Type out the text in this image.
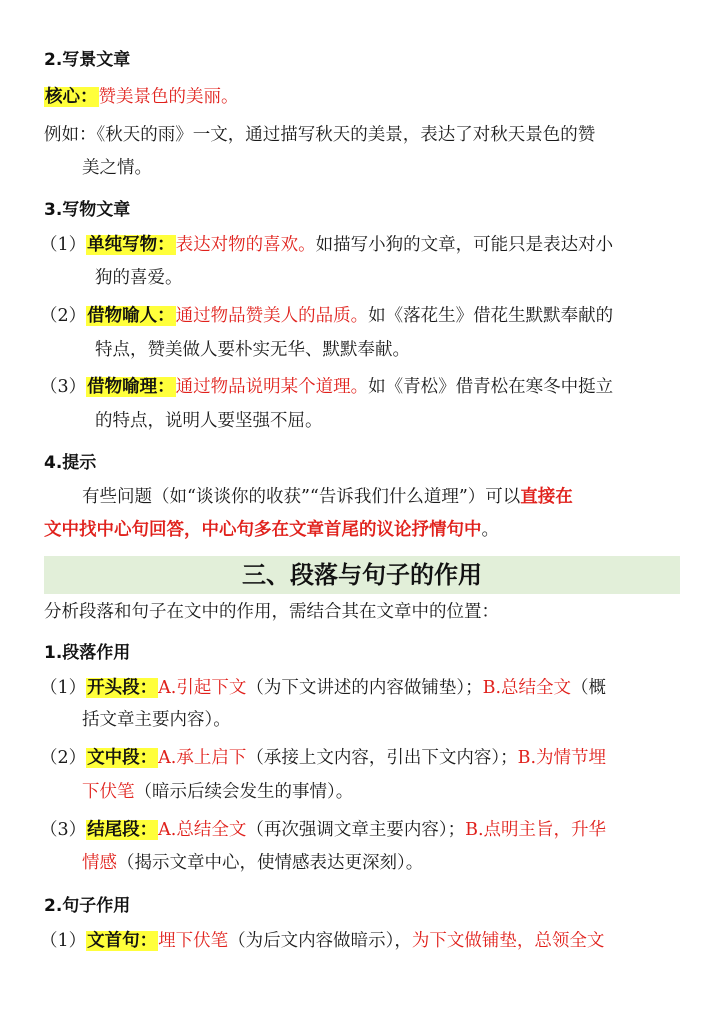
2.写景文章
核心：赞美景色的美丽。
例如：《秋天的雨》一文，通过描写秋天的美景，表达了对秋天景色的赞
美之情。
3.写物文章
（1）单纯写物：表达对物的喜欢。如描写小狗的文章，可能只是表达对小
狗的喜爱。
（2）借物喻人：通过物品赞美人的品质。如《落花生》借花生默默奉献的
特点，赞美做人要朴实无华、默默奉献。
（3）借物喻理：通过物品说明某个道理。如《青松》借青松在寒冬中挺立
的特点，说明人要坚强不屈。
4.提示
有些问题（如“谈谈你的收获”“告诉我们什么道理”）可以直接在
文中找中心句回答，中心句多在文章首尾的议论抒情句中。
三、段落与句子的作用
分析段落和句子在文中的作用，需结合其在文章中的位置：
1.段落作用
（1）开头段：A.引起下文（为下文讲述的内容做铺垫）；B.总结全文（概
括文章主要内容）。
（2）文中段：A.承上启下（承接上文内容，引出下文内容）；B.为情节埋
下伏笔（暗示后续会发生的事情）。
（3）结尾段：A.总结全文（再次强调文章主要内容）；B.点明主旨，升华
情感（揭示文章中心，使情感表达更深刻）。
2.句子作用
（1）文首句：埋下伏笔（为后文内容做暗示），为下文做铺垫，总领全文
